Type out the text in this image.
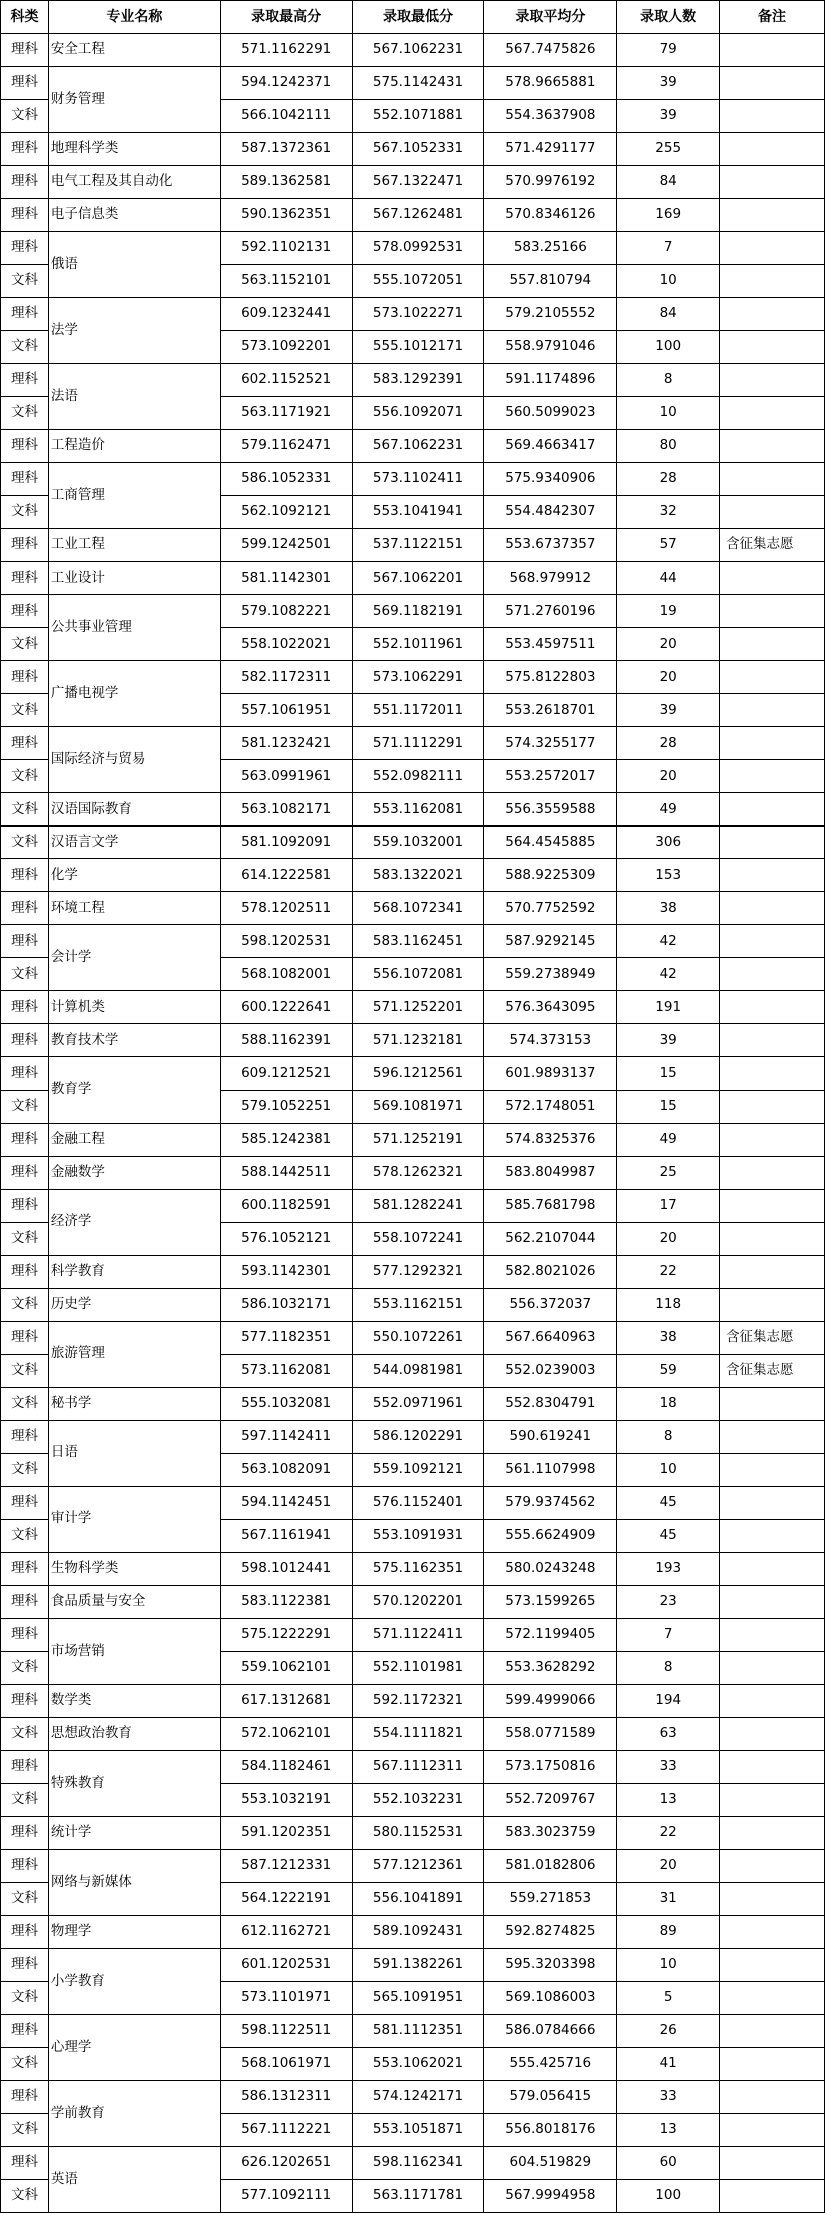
科类	专业名称	录取最高分	录取最低分	录取平均分	录取人数	备注
理科	安全工程	571.1162291	567.1062231	567.7475826	79	
理科	财务管理	594.1242371	575.1142431	578.9665881	39	
文科		566.1042111	552.1071881	554.3637908	39	
理科	地理科学类	587.1372361	567.1052331	571.4291177	255	
理科	电气工程及其自动化	589.1362581	567.1322471	570.9976192	84	
理科	电子信息类	590.1362351	567.1262481	570.8346126	169	
理科	俄语	592.1102131	578.0992531	583.25166	7	
文科		563.1152101	555.1072051	557.810794	10	
理科	法学	609.1232441	573.1022271	579.2105552	84	
文科		573.1092201	555.1012171	558.9791046	100	
理科	法语	602.1152521	583.1292391	591.1174896	8	
文科		563.1171921	556.1092071	560.5099023	10	
理科	工程造价	579.1162471	567.1062231	569.4663417	80	
理科	工商管理	586.1052331	573.1102411	575.9340906	28	
文科		562.1092121	553.1041941	554.4842307	32	
理科	工业工程	599.1242501	537.1122151	553.6737357	57	含征集志愿
理科	工业设计	581.1142301	567.1062201	568.979912	44	
理科	公共事业管理	579.1082221	569.1182191	571.2760196	19	
文科		558.1022021	552.1011961	553.4597511	20	
理科	广播电视学	582.1172311	573.1062291	575.8122803	20	
文科		557.1061951	551.1172011	553.2618701	39	
理科	国际经济与贸易	581.1232421	571.1112291	574.3255177	28	
文科		563.0991961	552.0982111	553.2572017	20	
文科	汉语国际教育	563.1082171	553.1162081	556.3559588	49	
文科	汉语言文学	581.1092091	559.1032001	564.4545885	306	
理科	化学	614.1222581	583.1322021	588.9225309	153	
理科	环境工程	578.1202511	568.1072341	570.7752592	38	
理科	会计学	598.1202531	583.1162451	587.9292145	42	
文科		568.1082001	556.1072081	559.2738949	42	
理科	计算机类	600.1222641	571.1252201	576.3643095	191	
理科	教育技术学	588.1162391	571.1232181	574.373153	39	
理科	教育学	609.1212521	596.1212561	601.9893137	15	
文科		579.1052251	569.1081971	572.1748051	15	
理科	金融工程	585.1242381	571.1252191	574.8325376	49	
理科	金融数学	588.1442511	578.1262321	583.8049987	25	
理科	经济学	600.1182591	581.1282241	585.7681798	17	
文科		576.1052121	558.1072241	562.2107044	20	
理科	科学教育	593.1142301	577.1292321	582.8021026	22	
文科	历史学	586.1032171	553.1162151	556.372037	118	
理科	旅游管理	577.1182351	550.1072261	567.6640963	38	含征集志愿
文科		573.1162081	544.0981981	552.0239003	59	含征集志愿
文科	秘书学	555.1032081	552.0971961	552.8304791	18	
理科	日语	597.1142411	586.1202291	590.619241	8	
文科		563.1082091	559.1092121	561.1107998	10	
理科	审计学	594.1142451	576.1152401	579.9374562	45	
文科		567.1161941	553.1091931	555.6624909	45	
理科	生物科学类	598.1012441	575.1162351	580.0243248	193	
理科	食品质量与安全	583.1122381	570.1202201	573.1599265	23	
理科	市场营销	575.1222291	571.1122411	572.1199405	7	
文科		559.1062101	552.1101981	553.3628292	8	
理科	数学类	617.1312681	592.1172321	599.4999066	194	
文科	思想政治教育	572.1062101	554.1111821	558.0771589	63	
理科	特殊教育	584.1182461	567.1112311	573.1750816	33	
文科		553.1032191	552.1032231	552.7209767	13	
理科	统计学	591.1202351	580.1152531	583.3023759	22	
理科	网络与新媒体	587.1212331	577.1212361	581.0182806	20	
文科		564.1222191	556.1041891	559.271853	31	
理科	物理学	612.1162721	589.1092431	592.8274825	89	
理科	小学教育	601.1202531	591.1382261	595.3203398	10	
文科		573.1101971	565.1091951	569.1086003	5	
理科	心理学	598.1122511	581.1112351	586.0784666	26	
文科		568.1061971	553.1062021	555.425716	41	
理科	学前教育	586.1312311	574.1242171	579.056415	33	
文科		567.1112221	553.1051871	556.8018176	13	
理科	英语	626.1202651	598.1162341	604.519829	60	
文科		577.1092111	563.1171781	567.9994958	100	
